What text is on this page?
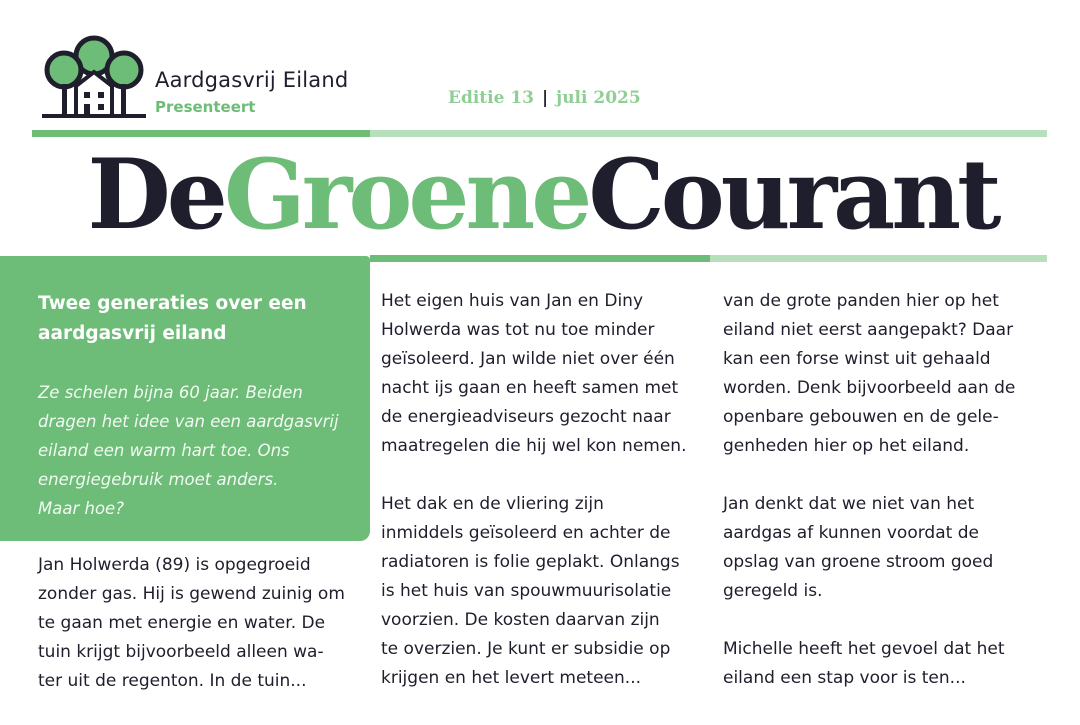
Aardgasvrij Eiland
Presenteert	Editie 13 | juli 2025
De Groene Courant
Twee generaties over een
aardgasvrij eiland
Ze schelen bijna 60 jaar. Beiden
dragen het idee van een aardgasvrij
eiland een warm hart toe. Ons
energiegebruik moet anders.
Maar hoe?

Jan Holwerda (89) is opgegroeid
zonder gas. Hij is gewend zuinig om
te gaan met energie en water. De
tuin krijgt bijvoorbeeld alleen wa-
ter uit de regenton. In de tuin...

Het eigen huis van Jan en Diny
Holwerda was tot nu toe minder
geïsoleerd. Jan wilde niet over één
nacht ijs gaan en heeft samen met
de energieadviseurs gezocht naar
maatregelen die hij wel kon nemen.

Het dak en de vliering zijn
inmiddels geïsoleerd en achter de
radiatoren is folie geplakt. Onlangs
is het huis van spouwmuurisolatie
voorzien. De kosten daarvan zijn
te overzien. Je kunt er subsidie op
krijgen en het levert meteen...

van de grote panden hier op het
eiland niet eerst aangepakt? Daar
kan een forse winst uit gehaald
worden. Denk bijvoorbeeld aan de
openbare gebouwen en de gele-
genheden hier op het eiland.

Jan denkt dat we niet van het
aardgas af kunnen voordat de
opslag van groene stroom goed
geregeld is.

Michelle heeft het gevoel dat het
eiland een stap voor is ten...
